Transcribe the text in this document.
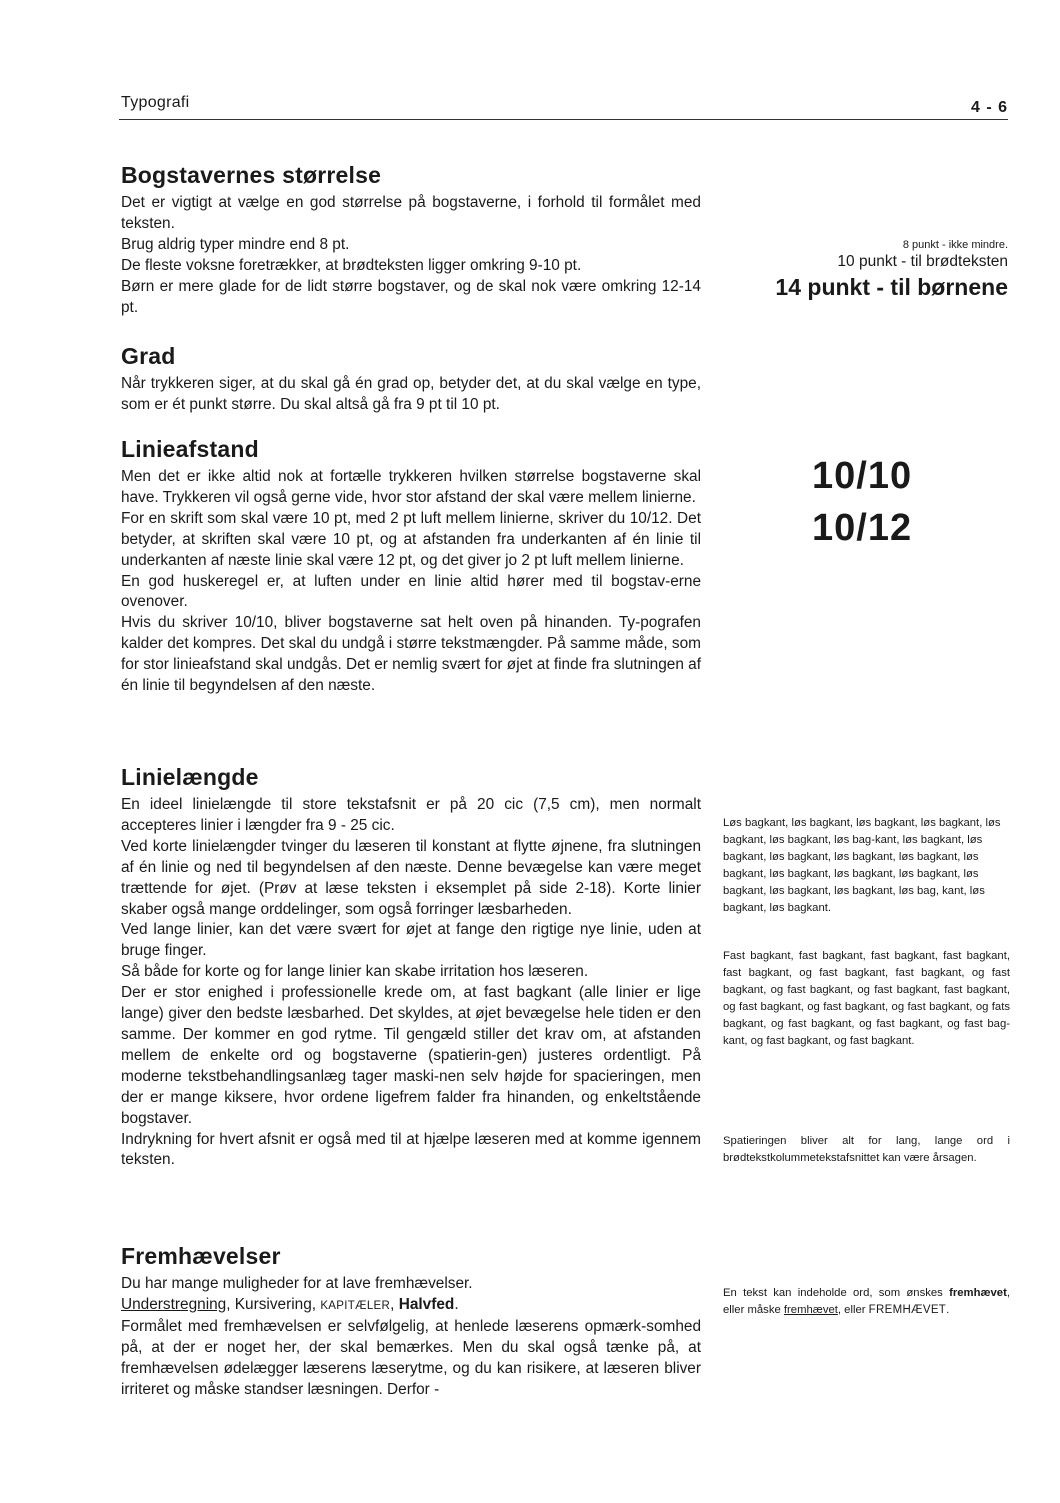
Typografi	4 - 6
Bogstavernes størrelse

Det er vigtigt at vælge en god størrelse på bogstaverne, i forhold til formålet med teksten.

Brug aldrig typer mindre end 8 pt.

De fleste voksne foretrækker, at brødteksten ligger omkring 9-10 pt.

Børn er mere glade for de lidt større bogstaver, og de skal nok være omkring 12-14 pt.

Grad

Når trykkeren siger, at du skal gå én grad op, betyder det, at du skal vælge en type, som er ét punkt større. Du skal altså gå fra 9 pt til 10 pt.

Linieafstand

Men det er ikke altid nok at fortælle trykkeren hvilken størrelse bogstaverne skal have. Trykkeren vil også gerne vide, hvor stor afstand der skal være mellem linierne.

For en skrift som skal være 10 pt, med 2 pt luft mellem linierne, skriver du 10/12. Det betyder, at skriften skal være 10 pt, og at afstanden fra underkanten af én linie til underkanten af næste linie skal være 12 pt, og det giver jo 2 pt luft mellem linierne.

En god huskeregel er, at luften under en linie altid hører med til bogstav-erne ovenover.

Hvis du skriver 10/10, bliver bogstaverne sat helt oven på hinanden. Ty-pografen kalder det kompres. Det skal du undgå i større tekstmængder. På samme måde, som for stor linieafstand skal undgås. Det er nemlig svært for øjet at finde fra slutningen af én linie til begyndelsen af den næste.

Linielængde

En ideel linielængde til store tekstafsnit er på 20 cic (7,5 cm), men normalt accepteres linier i længder fra 9 - 25 cic.

Ved korte linielængder tvinger du læseren til konstant at flytte øjnene, fra slutningen af én linie og ned til begyndelsen af den næste. Denne bevægelse kan være meget trættende for øjet. (Prøv at læse teksten i eksemplet på side 2-18). Korte linier skaber også mange orddelinger, som også forringer læsbarheden.

Ved lange linier, kan det være svært for øjet at fange den rigtige nye linie, uden at bruge finger.

Så både for korte og for lange linier kan skabe irritation hos læseren.

Der er stor enighed i professionelle krede om, at fast bagkant (alle linier er lige lange) giver den bedste læsbarhed. Det skyldes, at øjet bevægelse hele tiden er den samme. Der kommer en god rytme. Til gengæld stiller det krav om, at afstanden mellem de enkelte ord og bogstaverne (spatierin-gen) justeres ordentligt. På moderne tekstbehandlingsanlæg tager maski-nen selv højde for spacieringen, men der er mange kiksere, hvor ordene ligefrem falder fra hinanden, og enkeltstående bogstaver.

Indrykning for hvert afsnit er også med til at hjælpe læseren med at komme igennem teksten.

Fremhævelser

Du har mange muligheder for at lave fremhævelser.

Understregning, Kursivering, KAPITÆLER, Halvfed.

Formålet med fremhævelsen er selvfølgelig, at henlede læserens opmærk-somhed på, at der er noget her, der skal bemærkes. Men du skal også tænke på, at fremhævelsen ødelægger læserens læserytme, og du kan risikere, at læseren bliver irriteret og måske standser læsningen. Derfor -

8 punkt - ikke mindre.
10 punkt - til brødteksten
14 punkt - til børnene
10/10
10/12

Løs bagkant, løs bagkant, løs bagkant, løs bagkant, løs bagkant, løs bagkant, løs bag-kant, løs bagkant, løs bagkant, løs bagkant, løs bagkant, løs bagkant, løs bagkant, løs bagkant, løs bagkant, løs bagkant, løs bagkant, løs bagkant, løs bagkant, løs bag, kant, løs bagkant, løs bagkant.

Fast bagkant, fast bagkant, fast bagkant, fast bagkant, fast bagkant, og fast bagkant, fast bagkant, og fast bagkant, og fast bagkant, og fast bagkant, fast bagkant, og fast bagkant, og fast bagkant, og fast bagkant, og fats bagkant, og fast bagkant, og fast bagkant, og fast bag-kant, og fast bagkant, og fast bagkant.

Spatieringen bliver alt for lang, lange ord i brødtekstkolummetekstafsnittet kan være årsagen.

En tekst kan indeholde ord, som ønskes fremhævet, eller måske fremhævet, eller FREMHÆVET.
